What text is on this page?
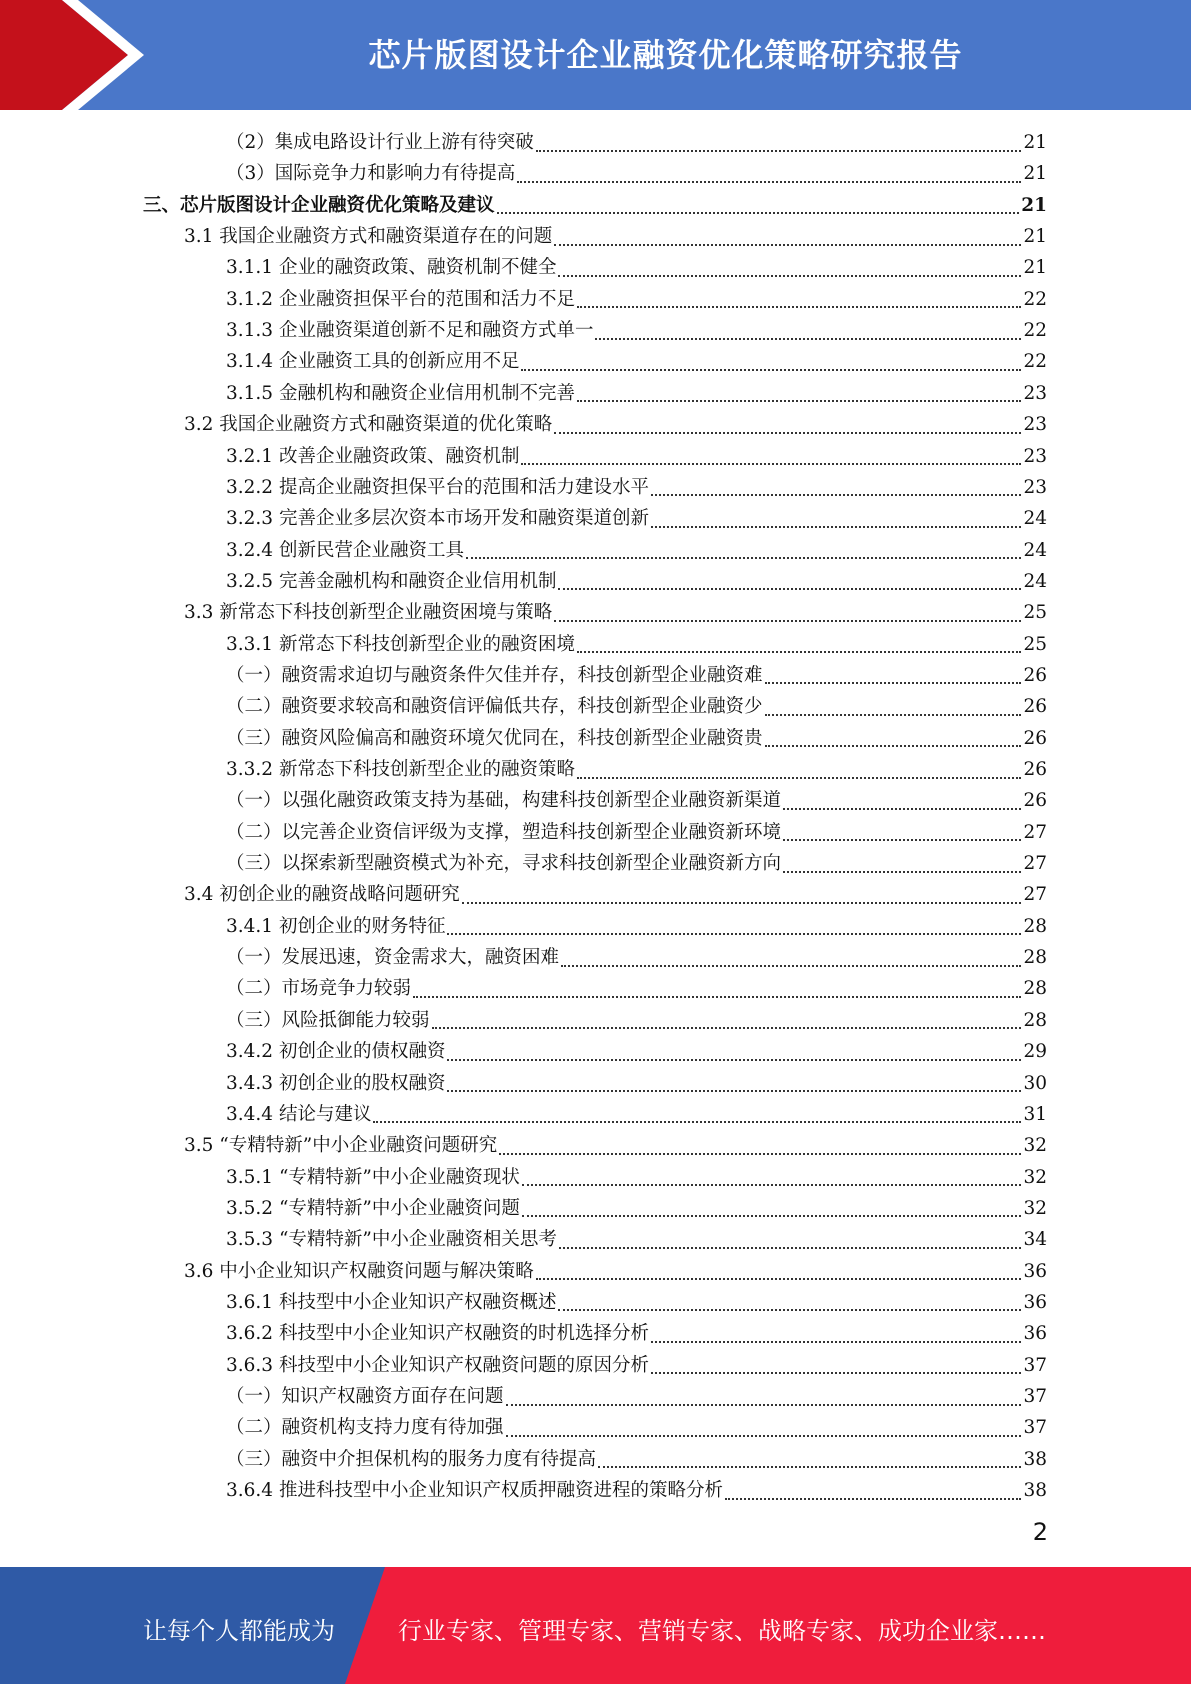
芯片版图设计企业融资优化策略研究报告
（2）集成电路设计行业上游有待突破	21
（3）国际竞争力和影响力有待提高	21
三、芯片版图设计企业融资优化策略及建议	21
3.1 我国企业融资方式和融资渠道存在的问题	21
3.1.1 企业的融资政策、融资机制不健全	21
3.1.2 企业融资担保平台的范围和活力不足	22
3.1.3 企业融资渠道创新不足和融资方式单一	22
3.1.4 企业融资工具的创新应用不足	22
3.1.5 金融机构和融资企业信用机制不完善	23
3.2 我国企业融资方式和融资渠道的优化策略	23
3.2.1 改善企业融资政策、融资机制	23
3.2.2 提高企业融资担保平台的范围和活力建设水平	23
3.2.3 完善企业多层次资本市场开发和融资渠道创新	24
3.2.4 创新民营企业融资工具	24
3.2.5 完善金融机构和融资企业信用机制	24
3.3 新常态下科技创新型企业融资困境与策略	25
3.3.1 新常态下科技创新型企业的融资困境	25
（一）融资需求迫切与融资条件欠佳并存，科技创新型企业融资难	26
（二）融资要求较高和融资信评偏低共存，科技创新型企业融资少	26
（三）融资风险偏高和融资环境欠优同在，科技创新型企业融资贵	26
3.3.2 新常态下科技创新型企业的融资策略	26
（一）以强化融资政策支持为基础，构建科技创新型企业融资新渠道	26
（二）以完善企业资信评级为支撑，塑造科技创新型企业融资新环境	27
（三）以探索新型融资模式为补充，寻求科技创新型企业融资新方向	27
3.4 初创企业的融资战略问题研究	27
3.4.1 初创企业的财务特征	28
（一）发展迅速，资金需求大，融资困难	28
（二）市场竞争力较弱	28
（三）风险抵御能力较弱	28
3.4.2 初创企业的债权融资	29
3.4.3 初创企业的股权融资	30
3.4.4 结论与建议	31
3.5 “专精特新”中小企业融资问题研究	32
3.5.1 “专精特新”中小企业融资现状	32
3.5.2 “专精特新”中小企业融资问题	32
3.5.3 “专精特新”中小企业融资相关思考	34
3.6 中小企业知识产权融资问题与解决策略	36
3.6.1 科技型中小企业知识产权融资概述	36
3.6.2 科技型中小企业知识产权融资的时机选择分析	36
3.6.3 科技型中小企业知识产权融资问题的原因分析	37
（一）知识产权融资方面存在问题	37
（二）融资机构支持力度有待加强	37
（三）融资中介担保机构的服务力度有待提高	38
3.6.4 推进科技型中小企业知识产权质押融资进程的策略分析	38
2
让每个人都能成为	行业专家、管理专家、营销专家、战略专家、成功企业家……
